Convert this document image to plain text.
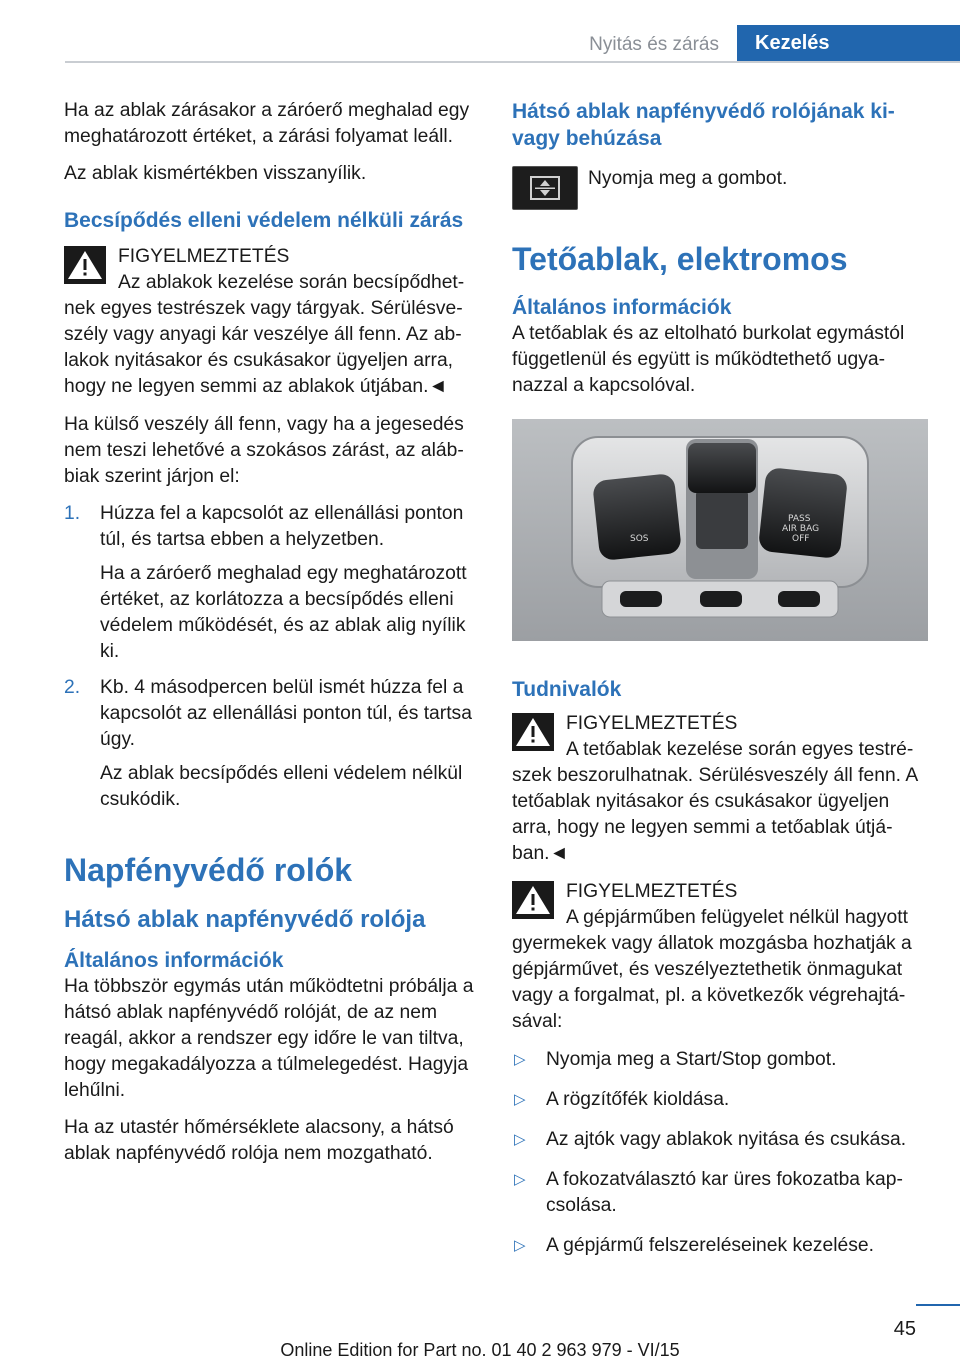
Nyitás és zárás	Kezelés

Ha az ablak zárásakor a záróerő meghalad egy meghatározott értéket, a zárási folyamat leáll.

Az ablak kismértékben visszanyílik.

Becsípődés elleni védelem nélküli zárás
FIGYELMEZTETÉS
Az ablakok kezelése során becsípődhetnek egyes testrészek vagy tárgyak. Sérülésveszély vagy anyagi kár veszélye áll fenn. Az ablakok nyitásakor és csukásakor ügyeljen arra, hogy ne legyen semmi az ablakok útjában.◄

Ha külső veszély áll fenn, vagy ha a jegesedés nem teszi lehetővé a szokásos zárást, az alábbiak szerint járjon el:

1. Húzza fel a kapcsolót az ellenállási ponton túl, és tartsa ebben a helyzetben.

Ha a záróerő meghalad egy meghatározott értéket, az korlátozza a becsípődés elleni védelem működését, és az ablak alig nyílik ki.

2. Kb. 4 másodpercen belül ismét húzza fel a kapcsolót az ellenállási ponton túl, és tartsa úgy.

Az ablak becsípődés elleni védelem nélkül csukódik.

Napfényvédő rolók
Hátsó ablak napfényvédő rolója
Általános információk

Ha többször egymás után működtetni próbálja a hátsó ablak napfényvédő rolóját, de az nem reagál, akkor a rendszer egy időre le van tiltva, hogy megakadályozza a túlmelegedést. Hagyja lehűlni.

Ha az utastér hőmérséklete alacsony, a hátsó ablak napfényvédő rolója nem mozgatható.

Hátsó ablak napfényvédő rolójának ki- vagy behúzása
Nyomja meg a gombot.
Tetőablak, elektromos
Általános információk

A tetőablak és az eltolható burkolat egymástól függetlenül és együtt is működtethető ugyanazzal a kapcsolóval.

SOS
PASS
AIR BAG
OFF
Tudnivalók
FIGYELMEZTETÉS
A tetőablak kezelése során egyes testrészek beszorulhatnak. Sérülésveszély áll fenn. A tetőablak nyitásakor és csukásakor ügyeljen arra, hogy ne legyen semmi a tetőablak útjában.◄
FIGYELMEZTETÉS
A gépjárműben felügyelet nélkül hagyott gyermekek vagy állatok mozgásba hozhatják a gépjárművet, és veszélyeztethetik önmagukat vagy a forgalmat, pl. a következők végrehajtásával:
▷ Nyomja meg a Start/Stop gombot.
▷ A rögzítőfék kioldása.
▷ Az ajtók vagy ablakok nyitása és csukása.
▷ A fokozatválasztó kar üres fokozatba kapcsolása.
▷ A gépjármű felszereléseinek kezelése.
45
Online Edition for Part no. 01 40 2 963 979 - VI/15
